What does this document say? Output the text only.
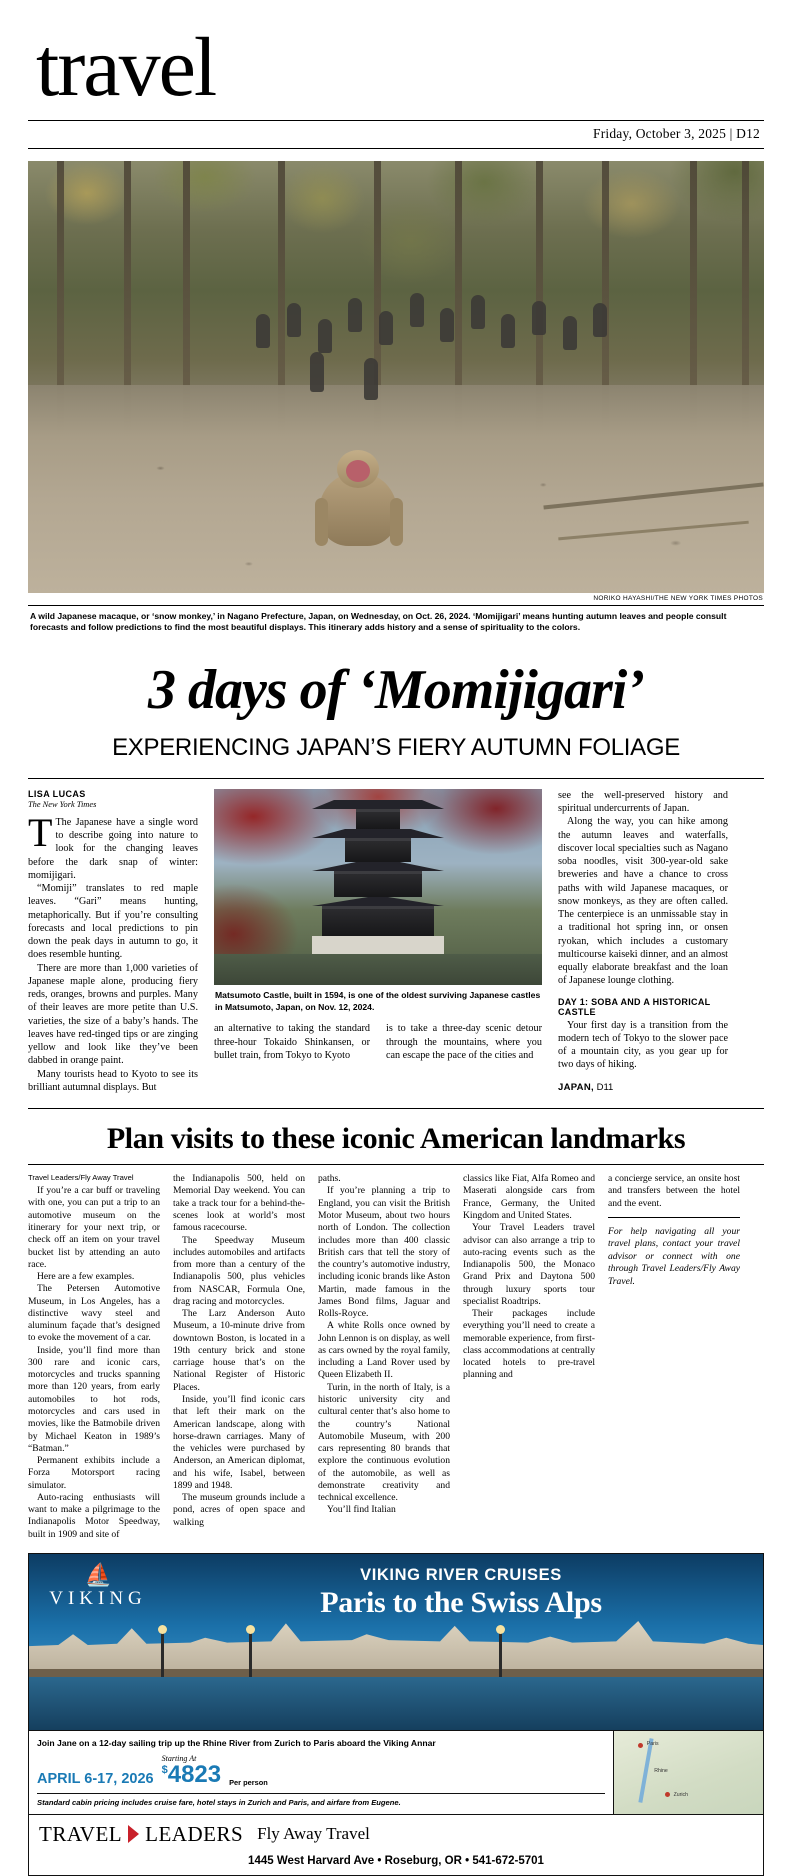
travel
Friday, October 3, 2025 | D12
NORIKO HAYASHI/THE NEW YORK TIMES PHOTOS
A wild Japanese macaque, or ‘snow monkey,’ in Nagano Prefecture, Japan, on Wednesday, on Oct. 26, 2024. ‘Momijigari’ means hunting autumn leaves and people consult forecasts and follow predictions to find the most beautiful displays. This itinerary adds history and a sense of spirituality to the colors.
3 days of ‘Momijigari’
EXPERIENCING JAPAN’S FIERY AUTUMN FOLIAGE
LISA LUCAS
The New York Times
T The Japanese have a single word to describe going into nature to look for the changing leaves before the dark snap of winter: momijigari.

“Momiji” translates to red maple leaves. “Gari” means hunting, metaphorically. But if you’re consulting forecasts and local predictions to pin down the peak days in autumn to go, it does resemble hunting.

There are more than 1,000 varieties of Japanese maple alone, producing fiery reds, oranges, browns and purples. Many of their leaves are more petite than U.S. varieties, the size of a baby’s hands. The leaves have red-tinged tips or are zinging yellow and look like they’ve been dabbed in orange paint.

Many tourists head to Kyoto to see its brilliant autumnal displays. But

Matsumoto Castle, built in 1594, is one of the oldest surviving Japanese castles in Matsumoto, Japan, on Nov. 12, 2024.

an alternative to taking the standard three-hour Tokaido Shinkansen, or bullet train, from Tokyo to Kyoto

is to take a three-day scenic detour through the mountains, where you can escape the pace of the cities and

see the well-preserved history and spiritual undercurrents of Japan.

Along the way, you can hike among the autumn leaves and waterfalls, discover local specialties such as Nagano soba noodles, visit 300-year-old sake breweries and have a chance to cross paths with wild Japanese macaques, or snow monkeys, as they are often called. The centerpiece is an unmissable stay in a traditional hot spring inn, or onsen ryokan, which includes a customary multicourse kaiseki dinner, and an almost equally elaborate breakfast and the loan of Japanese lounge clothing.

DAY 1: SOBA AND A HISTORICAL CASTLE

Your first day is a transition from the modern tech of Tokyo to the slower pace of a mountain city, as you gear up for two days of hiking.

JAPAN, D11
Plan visits to these iconic American landmarks
Travel Leaders/Fly Away Travel

If you’re a car buff or traveling with one, you can put a trip to an automotive museum on the itinerary for your next trip, or check off an item on your travel bucket list by attending an auto race.

Here are a few examples.

The Petersen Automotive Museum, in Los Angeles, has a distinctive wavy steel and aluminum façade that’s designed to evoke the movement of a car.

Inside, you’ll find more than 300 rare and iconic cars, motorcycles and trucks spanning more than 120 years, from early automobiles to hot rods, motorcycles and cars used in movies, like the Batmobile driven by Michael Keaton in 1989’s “Batman.”

Permanent exhibits include a Forza Motorsport racing simulator.

Auto-racing enthusiasts will want to make a pilgrimage to the Indianapolis Motor Speedway, built in 1909 and site of

the Indianapolis 500, held on Memorial Day weekend. You can take a track tour for a behind-the-scenes look at world’s most famous racecourse.

The Speedway Museum includes automobiles and artifacts from more than a century of the Indianapolis 500, plus vehicles from NASCAR, Formula One, drag racing and motorcycles.

The Larz Anderson Auto Museum, a 10-minute drive from downtown Boston, is located in a 19th century brick and stone carriage house that’s on the National Register of Historic Places.

Inside, you’ll find iconic cars that left their mark on the American landscape, along with horse-drawn carriages. Many of the vehicles were purchased by Anderson, an American diplomat, and his wife, Isabel, between 1899 and 1948.

The museum grounds include a pond, acres of open space and walking

paths.

If you’re planning a trip to England, you can visit the British Motor Museum, about two hours north of London. The collection includes more than 400 classic British cars that tell the story of the country’s automotive industry, including iconic brands like Aston Martin, made famous in the James Bond films, Jaguar and Rolls-Royce.

A white Rolls once owned by John Lennon is on display, as well as cars owned by the royal family, including a Land Rover used by Queen Elizabeth II.

Turin, in the north of Italy, is a historic university city and cultural center that’s also home to the country’s National Automobile Museum, with 200 cars representing 80 brands that explore the continuous evolution of the automobile, as well as demonstrate creativity and technical excellence.

You’ll find Italian

classics like Fiat, Alfa Romeo and Maserati alongside cars from France, Germany, the United Kingdom and United States.

Your Travel Leaders travel advisor can also arrange a trip to auto-racing events such as the Indianapolis 500, the Monaco Grand Prix and Daytona 500 through luxury sports tour specialist Roadtrips.

Their packages include everything you’ll need to create a memorable experience, from first-class accommodations at centrally located hotels to pre-travel planning and

a concierge service, an onsite host and transfers between the hotel and the event.

For help navigating all your travel plans, contact your travel advisor or connect with one through Travel Leaders/Fly Away Travel.

⛵
VIKING
VIKING RIVER CRUISES
Paris to the Swiss Alps
Join Jane on a 12-day sailing trip up the Rhine River from Zurich to Paris aboard the Viking Annar
APRIL 6-17, 2026
Starting At
$4823 Per person
Standard cabin pricing includes cruise fare, hotel stays in Zurich and Paris, and airfare from Eugene.
Paris
Rhine
Zurich
TRAVEL LEADERS Fly Away Travel
1445 West Harvard Ave • Roseburg, OR • 541-672-5701
